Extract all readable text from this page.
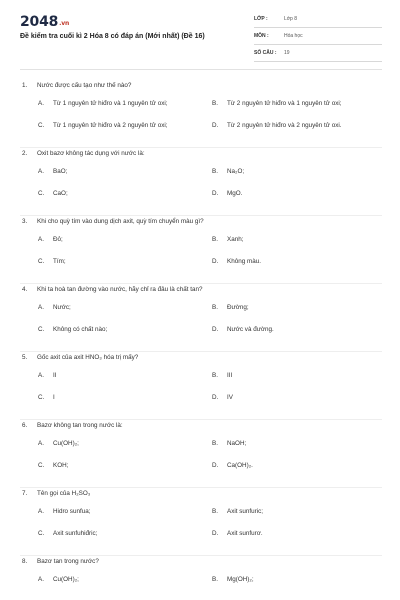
2048.vn
Đề kiểm tra cuối kì 2 Hóa 8 có đáp án (Mới nhất) (Đề 16)
LỚP :	Lớp 8
MÔN :	Hóa học
SỐ CÂU : 19
1. Nước được cấu tạo như thế nào?
A. Từ 1 nguyên tử hiđro và 1 nguyên tử oxi;	B. Từ 2 nguyên tử hiđro và 1 nguyên tử oxi;
C. Từ 1 nguyên tử hiđro và 2 nguyên tử oxi;	D. Từ 2 nguyên tử hiđro và 2 nguyên tử oxi.
2. Oxit bazơ không tác dụng với nước là:
A. BaO;	B. Na₂O;
C. CaO;	D. MgO.
3. Khi cho quỳ tím vào dung dịch axit, quỳ tím chuyển màu gì?
A. Đỏ;	B. Xanh;
C. Tím;	D. Không màu.
4. Khi ta hoà tan đường vào nước, hãy chỉ ra đâu là chất tan?
A. Nước;	B. Đường;
C. Không có chất nào;	D. Nước và đường.
5. Gốc axit của axit HNO₃ hóa trị mấy?
A. II	B. III
C. I	D. IV
6. Bazơ không tan trong nước là:
A. Cu(OH)₂;	B. NaOH;
C. KOH;	D. Ca(OH)₂.
7. Tên gọi của H₂SO₃
A. Hidro sunfua;	B. Axit sunfuric;
C. Axit sunfuhiđric;	D. Axit sunfurơ.
8. Bazơ tan trong nước?
A. Cu(OH)₂;	B. Mg(OH)₂;
